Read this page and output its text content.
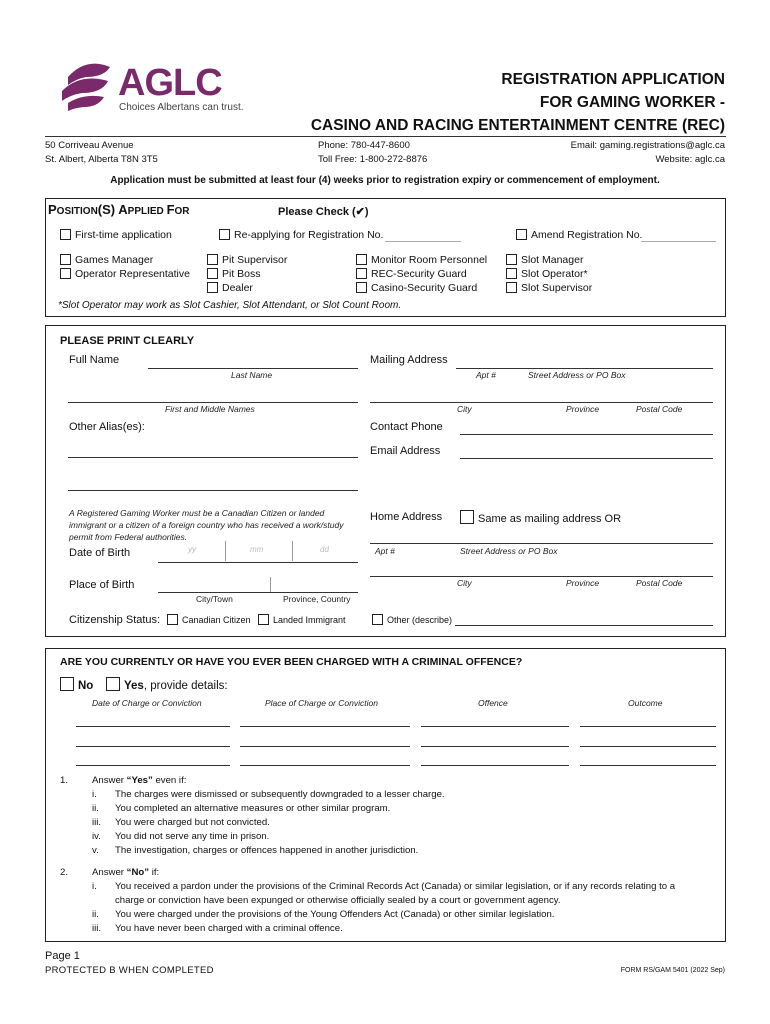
AGLC
Choices Albertans can trust.
REGISTRATION APPLICATION
FOR GAMING WORKER -
CASINO AND RACING ENTERTAINMENT CENTRE (REC)
50 Corriveau Avenue
St. Albert, Alberta T8N 3T5
Phone: 780-447-8600
Toll Free: 1-800-272-8876
Email: gaming.registrations@aglc.ca
Website: aglc.ca
Application must be submitted at least four (4) weeks prior to registration expiry or commencement of employment.
POSITION(S) APPLIED FOR	Please Check (✔)
First-time application	Re-applying for Registration No.	Amend Registration No.
Games Manager
Operator Representative
Pit Supervisor
Pit Boss
Dealer
Monitor Room Personnel
REC-Security Guard
Casino-Security Guard
Slot Manager
Slot Operator*
Slot Supervisor
*Slot Operator may work as Slot Cashier, Slot Attendant, or Slot Count Room.
PLEASE PRINT CLEARLY
Full Name
Last Name
First and Middle Names
Other Alias(es):
A Registered Gaming Worker must be a Canadian Citizen or landed immigrant or a citizen of a foreign country who has received a work/study permit from Federal authorities.
Date of Birth	yy	mm	dd
Place of Birth
City/Town	Province, Country
Citizenship Status:	Canadian Citizen	Landed Immigrant	Other (describe)
Mailing Address
Apt #	Street Address or PO Box
City	Province	Postal Code
Contact Phone
Email Address
Home Address	Same as mailing address OR
Apt #	Street Address or PO Box
City	Province	Postal Code
ARE YOU CURRENTLY OR HAVE YOU EVER BEEN CHARGED WITH A CRIMINAL OFFENCE?
No	Yes, provide details:
Date of Charge or Conviction	Place of Charge or Conviction	Offence	Outcome
1. Answer “Yes” even if:
i. The charges were dismissed or subsequently downgraded to a lesser charge.
ii. You completed an alternative measures or other similar program.
iii. You were charged but not convicted.
iv. You did not serve any time in prison.
v. The investigation, charges or offences happened in another jurisdiction.
2. Answer “No” if:
i. You received a pardon under the provisions of the Criminal Records Act (Canada) or similar legislation, or if any records relating to a
charge or conviction have been expunged or otherwise officially sealed by a court or government agency.
ii. You were charged under the provisions of the Young Offenders Act (Canada) or other similar legislation.
iii. You have never been charged with a criminal offence.
Page 1
PROTECTED B WHEN COMPLETED	FORM RS/GAM 5401 (2022 Sep)
